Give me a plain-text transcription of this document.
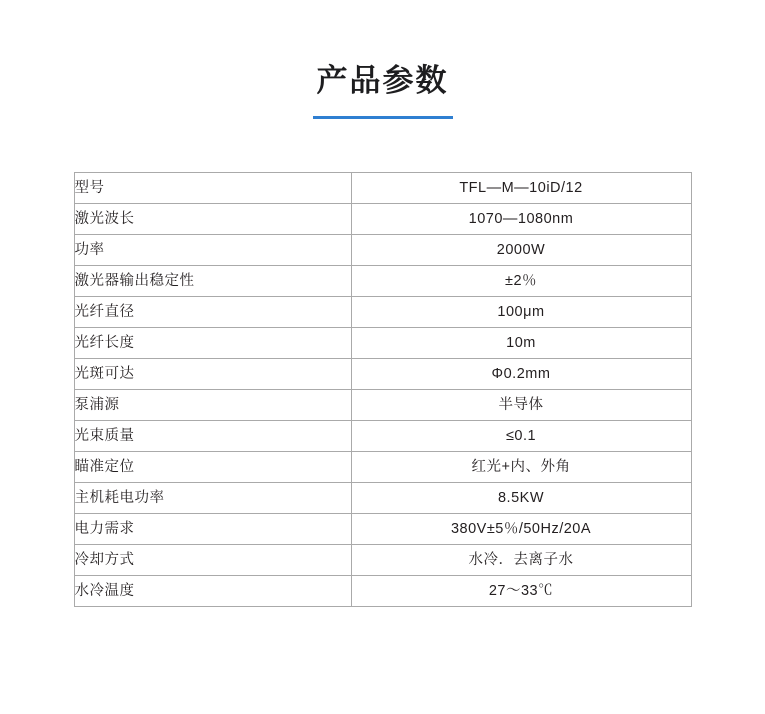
产品参数
型号	TFL—M—10iD/12
激光波长	1070—1080nm
功率	2000W
激光器输出稳定性	±2％
光纤直径	100μm
光纤长度	10m
光斑可达	Φ0.2mm
泵浦源	半导体
光束质量	≤0.1
瞄准定位	红光+内、外角
主机耗电功率	8.5KW
电力需求	380V±5％/50Hz/20A
冷却方式	水冷．去离子水
水冷温度	27～33℃
